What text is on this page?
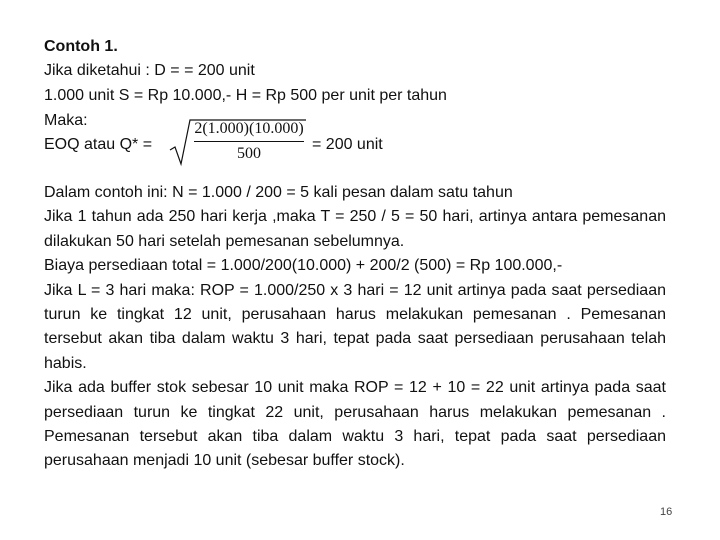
Contoh 1.
Jika diketahui : D = = 200 unit
1.000 unit S = Rp 10.000,- H = Rp 500 per unit per tahun
Maka:
EOQ atau Q* =
2(1.000)(10.000)
500
= 200 unit

Dalam contoh ini: N = 1.000 / 200 = 5 kali pesan dalam satu tahun

Jika 1 tahun ada 250 hari kerja ,maka T = 250 / 5 = 50 hari, artinya antara pemesanan dilakukan 50 hari setelah pemesanan sebelumnya.

Biaya persediaan total = 1.000/200(10.000) + 200/2 (500) = Rp 100.000,-

Jika L = 3 hari maka: ROP = 1.000/250 x 3 hari = 12 unit artinya pada saat persediaan turun ke tingkat 12 unit, perusahaan harus melakukan pemesanan . Pemesanan tersebut akan tiba dalam waktu 3 hari, tepat pada saat persediaan perusahaan telah habis.

Jika ada buffer stok sebesar 10 unit maka ROP = 12 + 10 = 22 unit artinya pada saat persediaan turun ke tingkat 22 unit, perusahaan harus melakukan pemesanan . Pemesanan tersebut akan tiba dalam waktu 3 hari, tepat pada saat persediaan perusahaan menjadi 10 unit (sebesar buffer stock).

16
